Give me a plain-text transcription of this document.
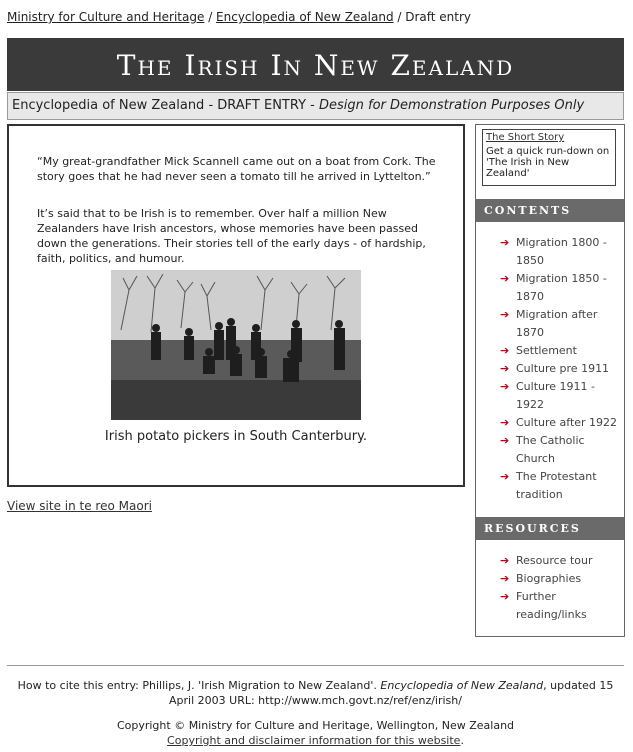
Ministry for Culture and Heritage / Encyclopedia of New Zealand / Draft entry
The Irish In New Zealand
Encyclopedia of New Zealand - DRAFT ENTRY - Design for Demonstration Purposes Only

“My great-grandfather Mick Scannell came out on a boat from Cork. The story goes that he had never seen a tomato till he arrived in Lyttelton.”

It’s said that to be Irish is to remember. Over half a million New Zealanders have Irish ancestors, whose memories have been passed down the generations. Their stories tell of the early days - of hardship, faith, politics, and humour.

Irish potato pickers in South Canterbury.
View site in te reo Maori
The Short Story
Get a quick run-down on 'The Irish in New Zealand'
CONTENTS
➔ Migration 1800 - 1850
➔ Migration 1850 - 1870
➔ Migration after 1870
➔ Settlement
➔ Culture pre 1911
➔ Culture 1911 - 1922
➔ Culture after 1922
➔ The Catholic Church
➔ The Protestant tradition
RESOURCES
➔ Resource tour
➔ Biographies
➔ Further reading/links
How to cite this entry: Phillips, J. 'Irish Migration to New Zealand'. Encyclopedia of New Zealand, updated 15 April 2003 URL: http://www.mch.govt.nz/ref/enz/irish/
Copyright © Ministry for Culture and Heritage, Wellington, New Zealand
Copyright and disclaimer information for this website.
